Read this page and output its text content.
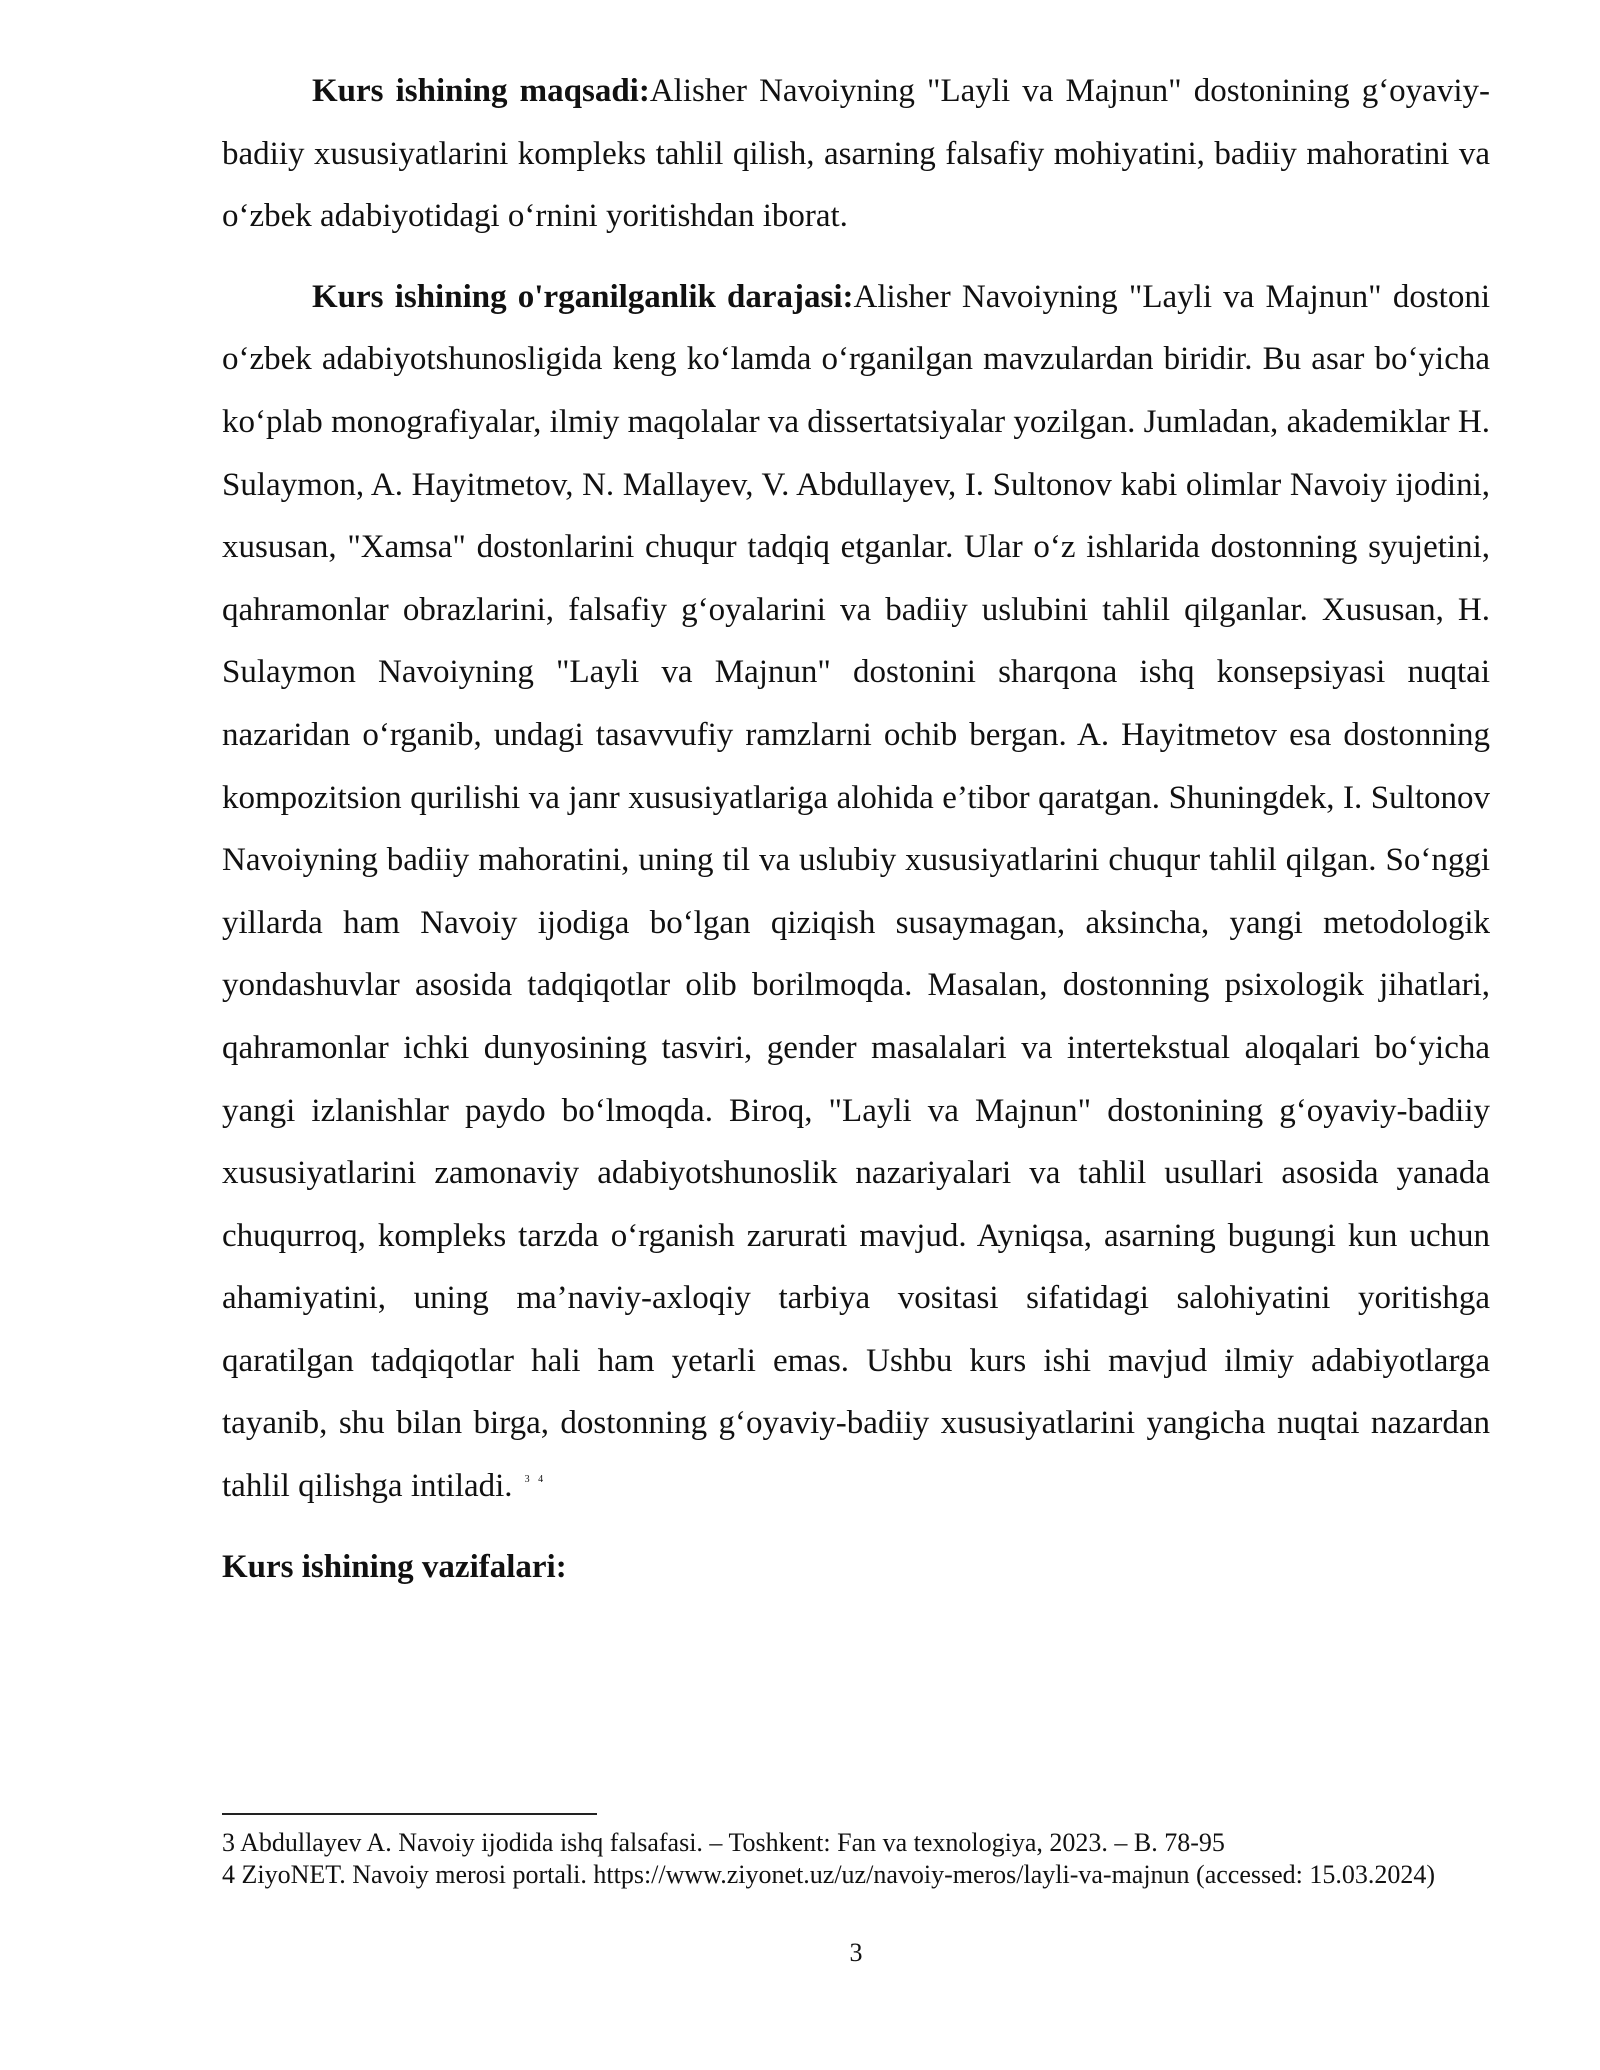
Kurs ishining maqsadi:Alisher Navoiyning "Layli va Majnun" dostonining g‘oyaviy-badiiy xususiyatlarini kompleks tahlil qilish, asarning falsafiy mohiyatini, badiiy mahoratini va o‘zbek adabiyotidagi o‘rnini yoritishdan iborat.

Kurs ishining o'rganilganlik darajasi:Alisher Navoiyning "Layli va Majnun" dostoni o‘zbek adabiyotshunosligida keng ko‘lamda o‘rganilgan mavzulardan biridir. Bu asar bo‘yicha ko‘plab monografiyalar, ilmiy maqolalar va dissertatsiyalar yozilgan. Jumladan, akademiklar H. Sulaymon, A. Hayitmetov, N. Mallayev, V. Abdullayev, I. Sultonov kabi olimlar Navoiy ijodini, xususan, "Xamsa" dostonlarini chuqur tadqiq etganlar. Ular o‘z ishlarida dostonning syujetini, qahramonlar obrazlarini, falsafiy g‘oyalarini va badiiy uslubini tahlil qilganlar. Xususan, H. Sulaymon Navoiyning "Layli va Majnun" dostonini sharqona ishq konsepsiyasi nuqtai nazaridan o‘rganib, undagi tasavvufiy ramzlarni ochib bergan. A. Hayitmetov esa dostonning kompozitsion qurilishi va janr xususiyatlariga alohida e’tibor qaratgan. Shuningdek, I. Sultonov Navoiyning badiiy mahoratini, uning til va uslubiy xususiyatlarini chuqur tahlil qilgan. So‘nggi yillarda ham Navoiy ijodiga bo‘lgan qiziqish susaymagan, aksincha, yangi metodologik yondashuvlar asosida tadqiqotlar olib borilmoqda. Masalan, dostonning psixologik jihatlari, qahramonlar ichki dunyosining tasviri, gender masalalari va intertekstual aloqalari bo‘yicha yangi izlanishlar paydo bo‘lmoqda. Biroq, "Layli va Majnun" dostonining g‘oyaviy-badiiy xususiyatlarini zamonaviy adabiyotshunoslik nazariyalari va tahlil usullari asosida yanada chuqurroq, kompleks tarzda o‘rganish zarurati mavjud. Ayniqsa, asarning bugungi kun uchun ahamiyatini, uning ma’naviy-axloqiy tarbiya vositasi sifatidagi salohiyatini yoritishga qaratilgan tadqiqotlar hali ham yetarli emas. Ushbu kurs ishi mavjud ilmiy adabiyotlarga tayanib, shu bilan birga, dostonning g‘oyaviy-badiiy xususiyatlarini yangicha nuqtai nazardan tahlil qilishga intiladi. $^{3 4}$

Kurs ishining vazifalari:

3 Abdullayev A. Navoiy ijodida ishq falsafasi. – Toshkent: Fan va texnologiya, 2023. – B. 78-95

4 ZiyoNET. Navoiy merosi portali. https://www.ziyonet.uz/uz/navoiy-meros/layli-va-majnun (accessed: 15.03.2024)

3
